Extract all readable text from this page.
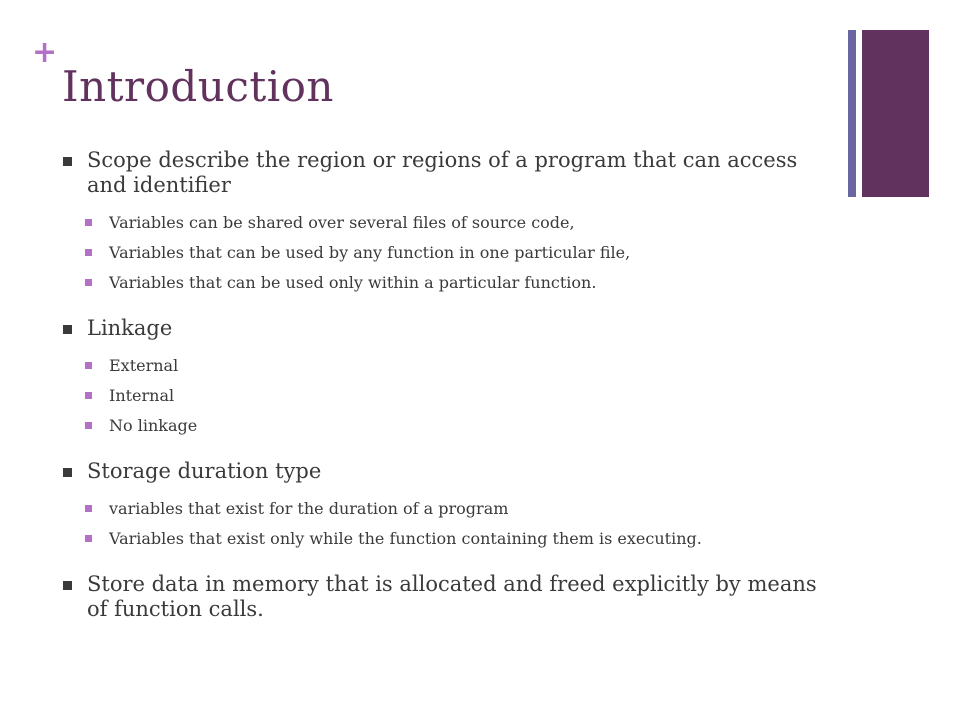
+
Introduction
Scope describe the region or regions of a program that can access and identifier
Variables can be shared over several files of source code,
Variables that can be used by any function in one particular file,
Variables that can be used only within a particular function.
Linkage
External
Internal
No linkage
Storage duration type
variables that exist for the duration of a program
Variables that exist only while the function containing them is executing.
Store data in memory that is allocated and freed explicitly by means of function calls.
